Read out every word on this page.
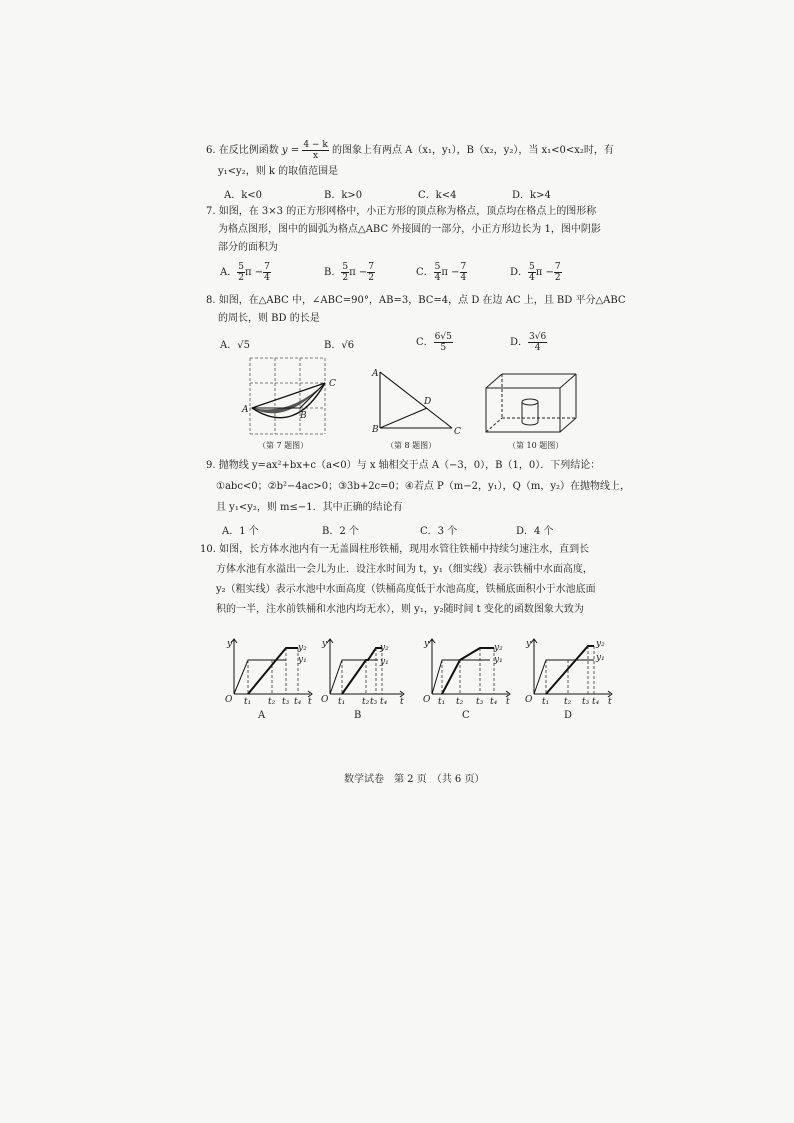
6. 在反比例函数 $y = \frac{4 - k}{x}$ 的图象上有两点 A（x₁，y₁），B（x₂，y₂），当 x₁<0<x₂时，有
y₁<y₂，则 k 的取值范围是
A．k<0	B．k>0	C．k<4	D．k>4
7. 如图，在 3×3 的正方形网格中，小正方形的顶点称为格点，顶点均在格点上的图形称
为格点图形，图中的圆弧为格点△ABC 外接圆的一部分，小正方形边长为 1，图中阴影
部分的面积为
A． $\frac{5}{2}$ $\pi - \frac{7}{4}$	B． $\frac{5}{2}$ $\pi - \frac{7}{2}$	C． $\frac{5}{4}$ $\pi - \frac{7}{4}$	D． $\frac{5}{4}$ $\pi - \frac{7}{2}$
8. 如图，在△ABC 中，∠ABC=90°，AB=3，BC=4，点 D 在边 AC 上，且 BD 平分△ABC
的周长，则 BD 的长是
A．√5	B．√6	C． $\frac{6√5}{5}$	D． $\frac{3√6}{4}$
A
B
C
（第 7 题图）
A
B	C
D
（第 8 题图）	（第 10 题图）
9. 抛物线 y=ax²+bx+c（a<0）与 x 轴相交于点 A（−3，0），B（1，0）．下列结论：
①abc<0；②b²−4ac>0；③3b+2c=0；④若点 P（m−2，y₁），Q（m，y₂）在抛物线上，
且 y₁<y₂，则 m≤−1．其中正确的结论有
A．1 个	B．2 个	C．3 个	D．4 个
10. 如图，长方体水池内有一无盖圆柱形铁桶，现用水管往铁桶中持续匀速注水，直到长
方体水池有水溢出一会儿为止．设注水时间为 t，y₁（细实线）表示铁桶中水面高度，
y₂（粗实线）表示水池中水面高度（铁桶高度低于水池高度，铁桶底面积小于水池底面
积的一半，注水前铁桶和水池内均无水），则 y₁，y₂随时间 t 变化的函数图象大致为
y
O	t
y₂
y₁
t₁ t₂ t₃ t₄
A
y
O	t
y₂
y₁
t₁ t₂ t₃ t₄
B
y
O	t
y₂
y₁
t₁ t₂ t₃ t₄
C
y
O	t
y₂
y₁
t₁ t₂ t₃ t₄
D
数学试卷　第 2 页　（共 6 页）
